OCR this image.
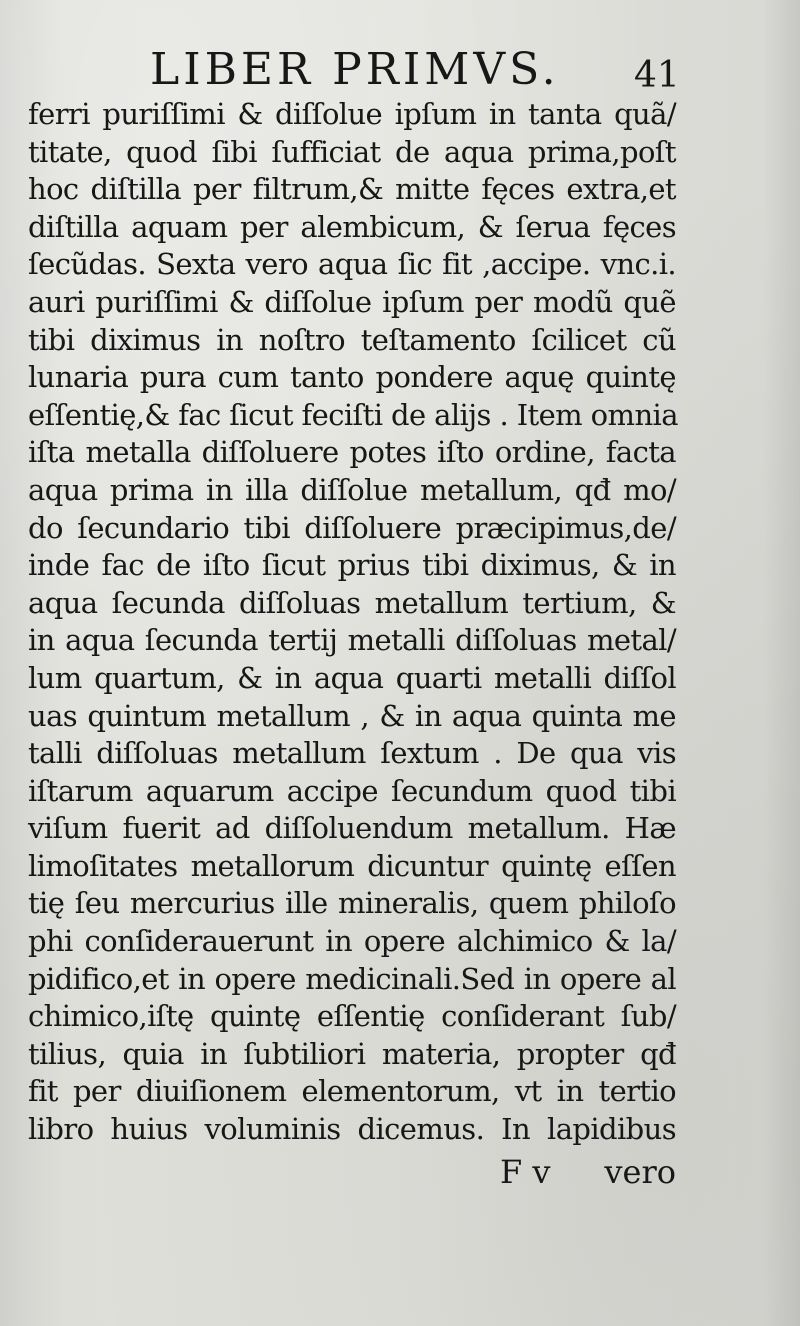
LIBER PRIMVS. 41
ferri puriſſimi & diſſolue ipſum in tanta quã/
titate, quod ſibi ſufficiat de aqua prima,poſt
hoc diſtilla per filtrum,& mitte fęces extra,et
diſtilla aquam per alembicum, & ſerua fęces
ſecũdas. Sexta vero aqua ſic fit ,accipe. vnc.i.
auri puriſſimi & diſſolue ipſum per modũ quẽ
tibi diximus in noſtro teſtamento ſcilicet cũ
lunaria pura cum tanto pondere aquę quintę
eſſentię,& fac ſicut feciſti de alijs . Item omnia
iſta metalla diſſoluere potes iſto ordine, facta
aqua prima in illa diſſolue metallum, qđ mo/
do ſecundario tibi diſſoluere præcipimus,de/
inde fac de iſto ſicut prius tibi diximus, & in
aqua ſecunda diſſoluas metallum tertium, &
in aqua ſecunda tertij metalli diſſoluas metal/
lum quartum, & in aqua quarti metalli diſſol
uas quintum metallum , & in aqua quinta me
talli diſſoluas metallum ſextum . De qua vis
iſtarum aquarum accipe ſecundum quod tibi
viſum fuerit ad diſſoluendum metallum. Hæ
limoſitates metallorum dicuntur quintę eſſen
tię ſeu mercurius ille mineralis, quem philoſo
phi conſiderauerunt in opere alchimico & la/
pidifico,et in opere medicinali.Sed in opere al
chimico,iſtę quintę eſſentię conſiderant ſub/
tilius, quia in ſubtiliori materia, propter qđ
fit per diuiſionem elementorum, vt in tertio
libro huius voluminis dicemus. In lapidibus
F v vero
